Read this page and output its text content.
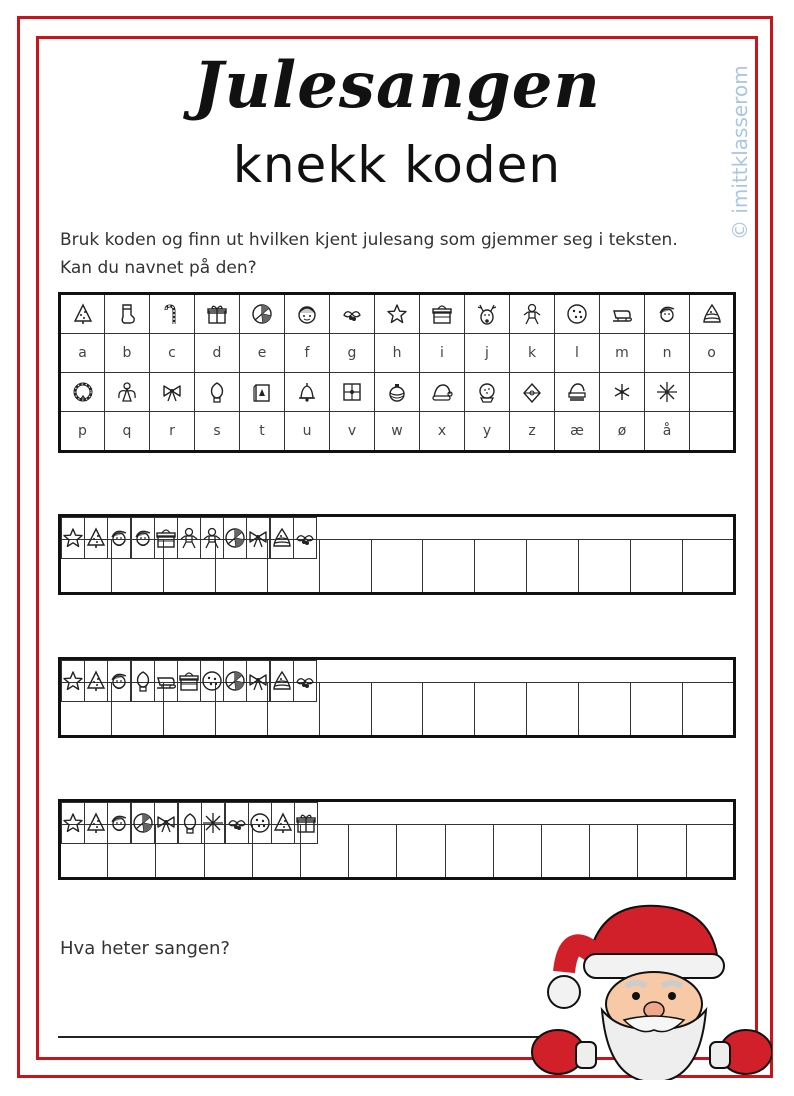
Julesangen
knekk koden	© imittklasserom
Bruk koden og finn ut hvilken kjent julesang som gjemmer seg i teksten.
Kan du navnet på den?

a	b	c	d	e	f	g	h	i	j	k	l	m	n	o

p	q	r	s	t	u	v	w	x	y	z	æ	ø	å	

Hva heter sangen?
